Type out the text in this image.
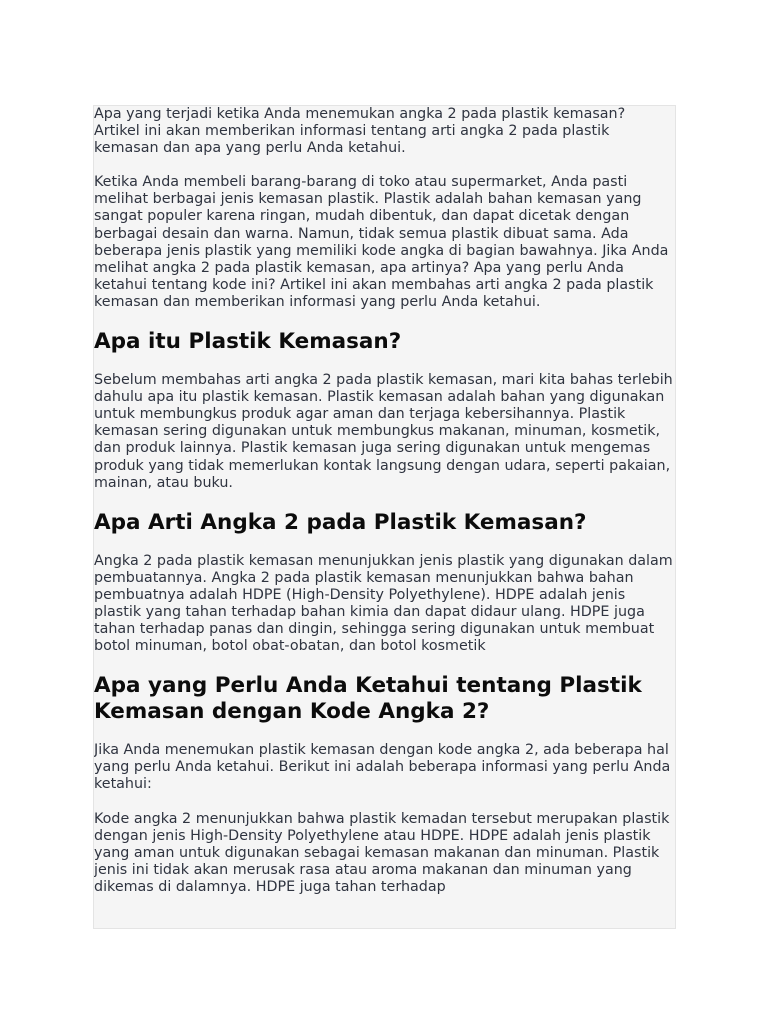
Apa yang terjadi ketika Anda menemukan angka 2 pada plastik kemasan? Artikel ini akan memberikan informasi tentang arti angka 2 pada plastik kemasan dan apa yang perlu Anda ketahui.

Ketika Anda membeli barang-barang di toko atau supermarket, Anda pasti melihat berbagai jenis kemasan plastik. Plastik adalah bahan kemasan yang sangat populer karena ringan, mudah dibentuk, dan dapat dicetak dengan berbagai desain dan warna. Namun, tidak semua plastik dibuat sama. Ada beberapa jenis plastik yang memiliki kode angka di bagian bawahnya. Jika Anda melihat angka 2 pada plastik kemasan, apa artinya? Apa yang perlu Anda ketahui tentang kode ini? Artikel ini akan membahas arti angka 2 pada plastik kemasan dan memberikan informasi yang perlu Anda ketahui.

Apa itu Plastik Kemasan?

Sebelum membahas arti angka 2 pada plastik kemasan, mari kita bahas terlebih dahulu apa itu plastik kemasan. Plastik kemasan adalah bahan yang digunakan untuk membungkus produk agar aman dan terjaga kebersihannya. Plastik kemasan sering digunakan untuk membungkus makanan, minuman, kosmetik, dan produk lainnya. Plastik kemasan juga sering digunakan untuk mengemas produk yang tidak memerlukan kontak langsung dengan udara, seperti pakaian, mainan, atau buku.

Apa Arti Angka 2 pada Plastik Kemasan?

Angka 2 pada plastik kemasan menunjukkan jenis plastik yang digunakan dalam pembuatannya. Angka 2 pada plastik kemasan menunjukkan bahwa bahan pembuatnya adalah HDPE (High-Density Polyethylene). HDPE adalah jenis plastik yang tahan terhadap bahan kimia dan dapat didaur ulang. HDPE juga tahan terhadap panas dan dingin, sehingga sering digunakan untuk membuat botol minuman, botol obat-obatan, dan botol kosmetik

Apa yang Perlu Anda Ketahui tentang Plastik Kemasan dengan Kode Angka 2?

Jika Anda menemukan plastik kemasan dengan kode angka 2, ada beberapa hal yang perlu Anda ketahui. Berikut ini adalah beberapa informasi yang perlu Anda ketahui:

Kode angka 2 menunjukkan bahwa plastik kemadan tersebut merupakan plastik dengan jenis High-Density Polyethylene atau HDPE. HDPE adalah jenis plastik yang aman untuk digunakan sebagai kemasan makanan dan minuman. Plastik jenis ini tidak akan merusak rasa atau aroma makanan dan minuman yang dikemas di dalamnya. HDPE juga tahan terhadap
